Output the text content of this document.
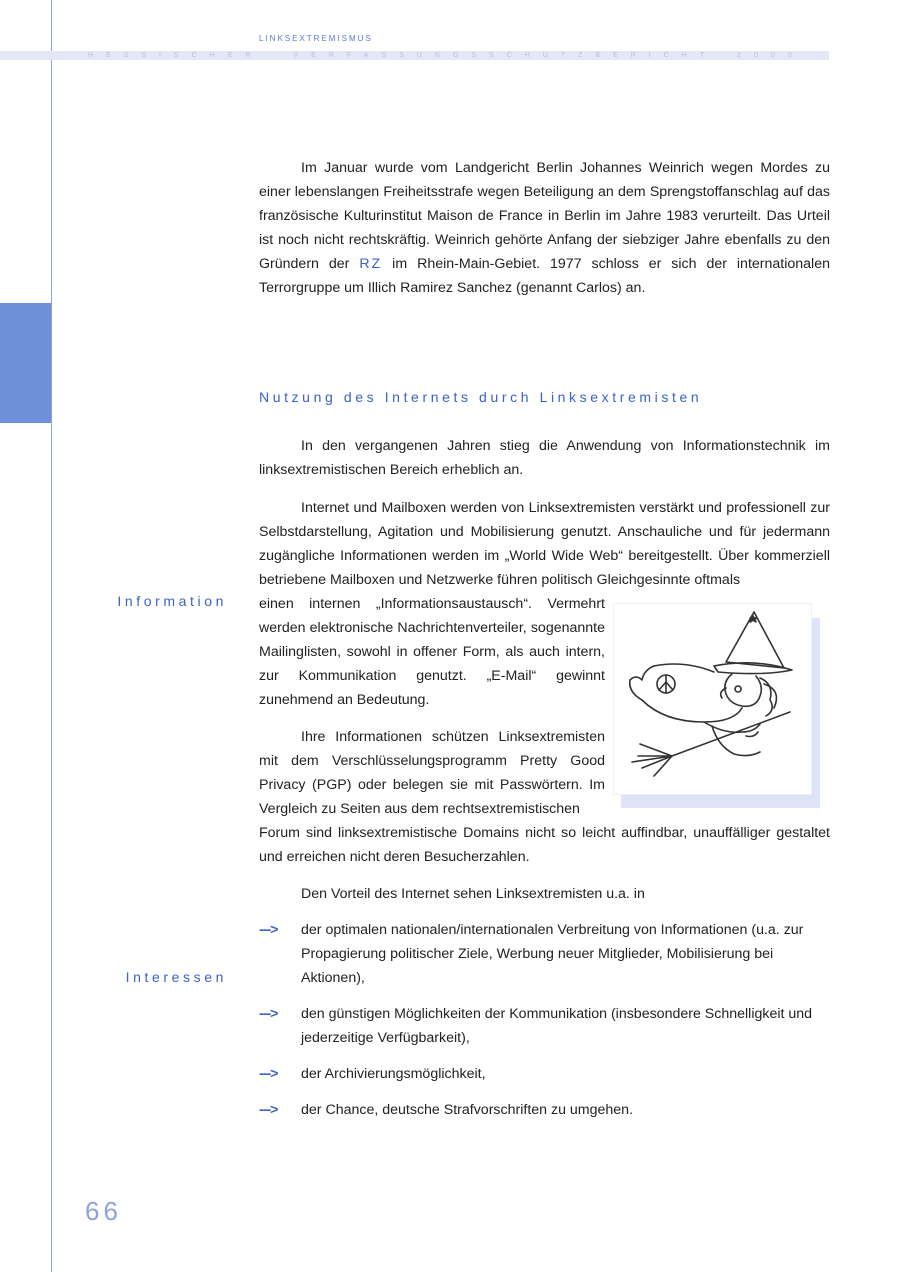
LINKSEXTREMISMUS
HESSISCHER	VERFASSUNGSSCHUTZBERICHT	2000
Im Januar wurde vom Landgericht Berlin Johannes Weinrich wegen Mordes zu einer lebenslangen Freiheitsstrafe wegen Beteiligung an dem Sprengstoffanschlag auf das französische Kulturinstitut Maison de France in Berlin im Jahre 1983 verurteilt. Das Urteil ist noch nicht rechtskräftig. Weinrich gehörte Anfang der siebziger Jahre ebenfalls zu den Gründern der RZ im Rhein-Main-Gebiet. 1977 schloss er sich der internationalen Terrorgruppe um Illich Ramirez Sanchez (genannt Carlos) an.
Nutzung des Internets durch Linksextremisten
In den vergangenen Jahren stieg die Anwendung von Informationstechnik im linksextremistischen Bereich erheblich an.
Internet und Mailboxen werden von Linksextremisten verstärkt und professionell zur Selbstdarstellung, Agitation und Mobilisierung genutzt. Anschauliche und für jedermann zugängliche Informationen werden im „World Wide Web“ bereitgestellt. Über kommerziell betriebene Mailboxen und Netzwerke führen politisch Gleichgesinnte oftmals
Information einen internen „Informationsaustausch“. Vermehrt werden elektronische Nachrichtenverteiler, sogenannte Mailinglisten, sowohl in offener Form, als auch intern, zur Kommunikation genutzt. „E-Mail“ gewinnt zunehmend an Bedeutung.
Ihre Informationen schützen Linksextremisten mit dem Verschlüsselungsprogramm Pretty Good Privacy (PGP) oder belegen sie mit Passwörtern. Im Vergleich zu Seiten aus dem rechtsextremistischen
Forum sind linksextremistische Domains nicht so leicht auffindbar, unauffälliger gestaltet und erreichen nicht deren Besucherzahlen.
Den Vorteil des Internet sehen Linksextremisten u.a. in
Interessen
---> der optimalen nationalen/internationalen Verbreitung von Informationen (u.a. zur Propagierung politischer Ziele, Werbung neuer Mitglieder, Mobilisierung bei Aktionen),
---> den günstigen Möglichkeiten der Kommunikation (insbesondere Schnelligkeit und jederzeitige Verfügbarkeit),
---> der Archivierungsmöglichkeit,
---> der Chance, deutsche Strafvorschriften zu umgehen.
66
